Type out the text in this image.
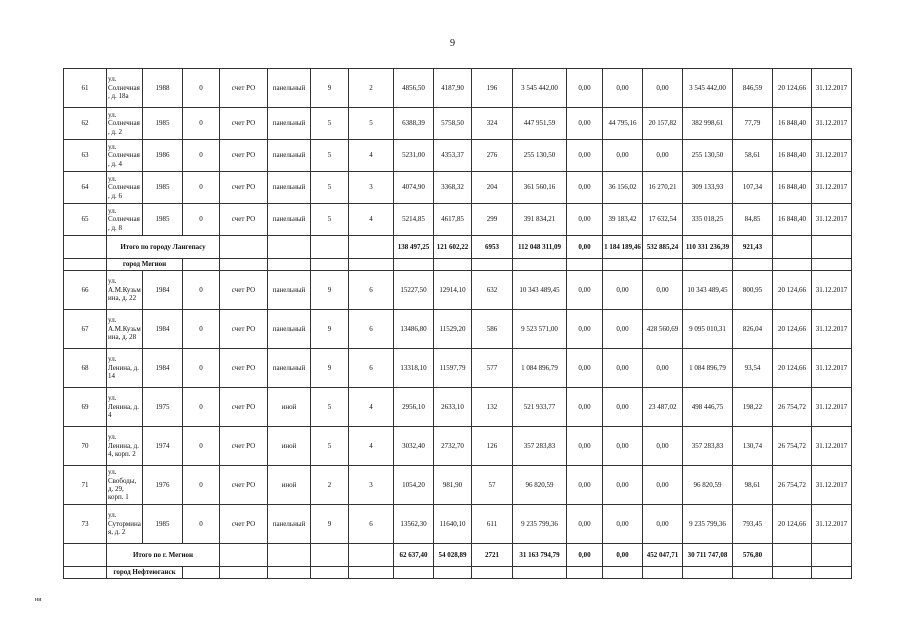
9
61	ул. Солнечная, д. 18а	1988	0	счет РО	панельный	9	2	4856,50	4187,90	196	3 545 442,00	0,00	0,00	0,00	3 545 442,00	846,59	20 124,66	31.12.2017
62	ул. Солнечная, д. 2	1985	0	счет РО	панельный	5	5	6388,39	5758,50	324	447 951,59	0,00	44 795,16	20 157,82	382 998,61	77,79	16 848,40	31.12.2017
63	ул. Солнечная, д. 4	1986	0	счет РО	панельный	5	4	5231,00	4353,37	276	255 130,50	0,00	0,00	0,00	255 130,50	58,61	16 848,40	31.12.2017
64	ул. Солнечная, д. 6	1985	0	счет РО	панельный	5	3	4074,90	3368,32	204	361 560,16	0,00	36 156,02	16 270,21	309 133,93	107,34	16 848,40	31.12.2017
65	ул. Солнечная, д. 8	1985	0	счет РО	панельный	5	4	5214,85	4617,85	299	391 834,21	0,00	39 183,42	17 632,54	335 018,25	84,85	16 848,40	31.12.2017
	Итого по городу Лангепасу							138 497,25	121 602,22	6953	112 048 311,09	0,00	1 184 189,46	532 885,24	110 331 236,39	921,43		
	город Мегион																	
66	ул. А.М.Кузьмина, д. 22	1984	0	счет РО	панельный	9	6	15227,50	12914,10	632	10 343 489,45	0,00	0,00	0,00	10 343 489,45	800,95	20 124,66	31.12.2017
67	ул. А.М.Кузьмина, д. 28	1984	0	счет РО	панельный	9	6	13486,80	11529,20	586	9 523 571,00	0,00	0,00	428 560,69	9 095 010,31	826,04	20 124,66	31.12.2017
68	ул. Ленина, д. 14	1984	0	счет РО	панельный	9	6	13318,10	11597,79	577	1 084 896,79	0,00	0,00	0,00	1 084 896,79	93,54	20 124,66	31.12.2017
69	ул. Ленина, д. 4	1975	0	счет РО	иной	5	4	2956,10	2633,10	132	521 933,77	0,00	0,00	23 487,02	498 446,75	198,22	26 754,72	31.12.2017
70	ул. Ленина, д. 4, корп. 2	1974	0	счет РО	иной	5	4	3032,40	2732,70	126	357 283,83	0,00	0,00	0,00	357 283,83	130,74	26 754,72	31.12.2017
71	ул. Свободы, д. 29, корп. 1	1976	0	счет РО	иной	2	3	1054,20	981,90	57	96 820,59	0,00	0,00	0,00	96 820,59	98,61	26 754,72	31.12.2017
73	ул. Суторминая, д. 2	1985	0	счет РО	панельный	9	6	13562,30	11640,10	611	9 235 799,36	0,00	0,00	0,00	9 235 799,36	793,45	20 124,66	31.12.2017
	Итого по г. Мегион							62 637,40	54 028,89	2721	31 163 794,79	0,00	0,00	452 047,71	30 711 747,08	576,80		
	город Нефтеюганск																	
ни
